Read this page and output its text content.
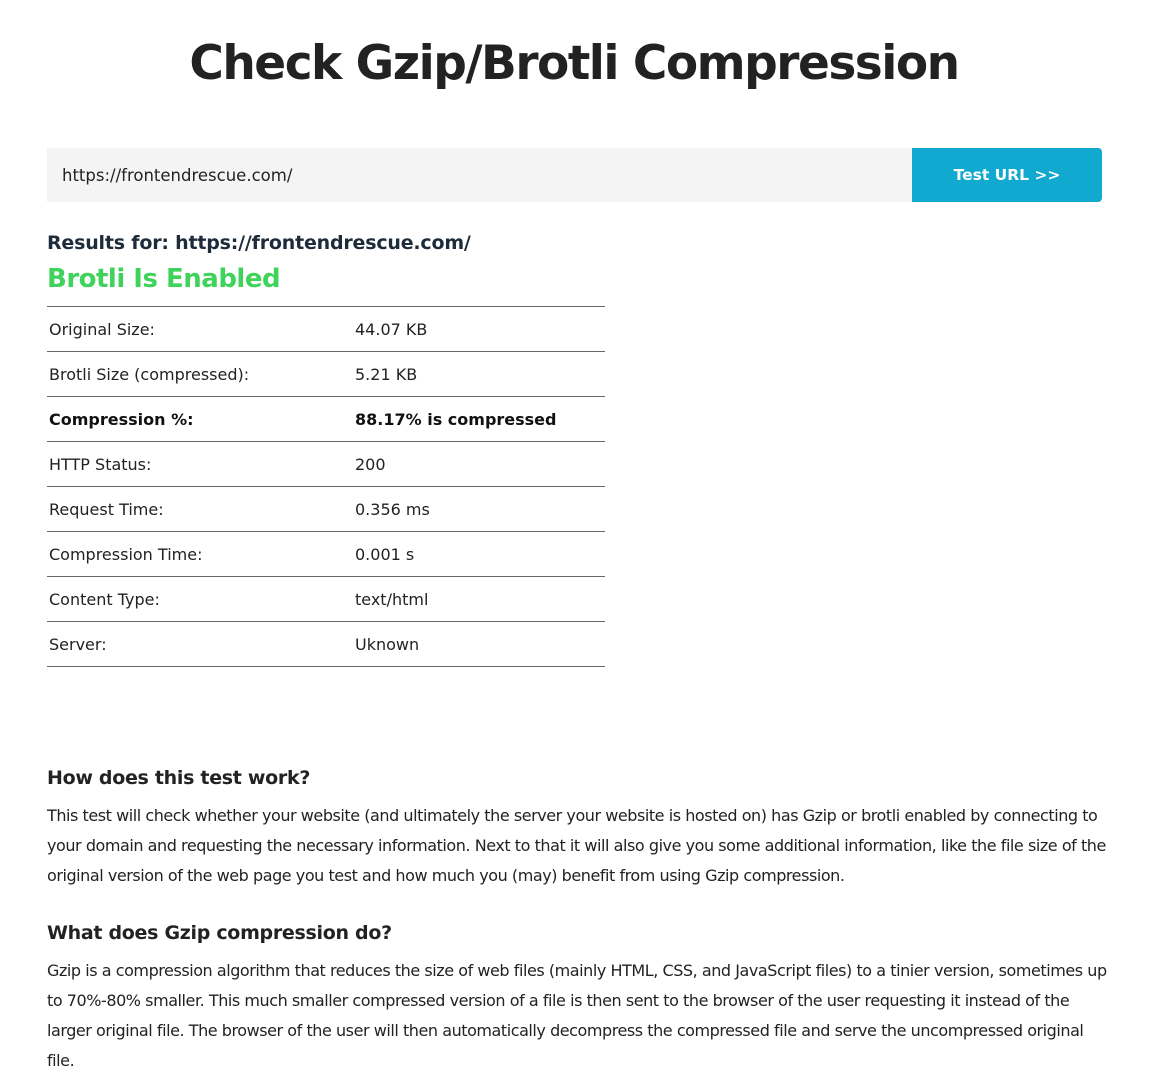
Check Gzip/Brotli Compression
https://frontendrescue.com/
Test URL >>
Results for: https://frontendrescue.com/
Brotli Is Enabled
Original Size:	44.07 KB
Brotli Size (compressed):	5.21 KB
Compression %:	88.17% is compressed
HTTP Status:	200
Request Time:	0.356 ms
Compression Time:	0.001 s
Content Type:	text/html
Server:	Uknown
How does this test work?

This test will check whether your website (and ultimately the server your website is hosted on) has Gzip or brotli enabled by connecting to your domain and requesting the necessary information. Next to that it will also give you some additional information, like the file size of the original version of the web page you test and how much you (may) benefit from using Gzip compression.

What does Gzip compression do?

Gzip is a compression algorithm that reduces the size of web files (mainly HTML, CSS, and JavaScript files) to a tinier version, sometimes up to 70%-80% smaller. This much smaller compressed version of a file is then sent to the browser of the user requesting it instead of the larger original file. The browser of the user will then automatically decompress the compressed file and serve the uncompressed original file.
